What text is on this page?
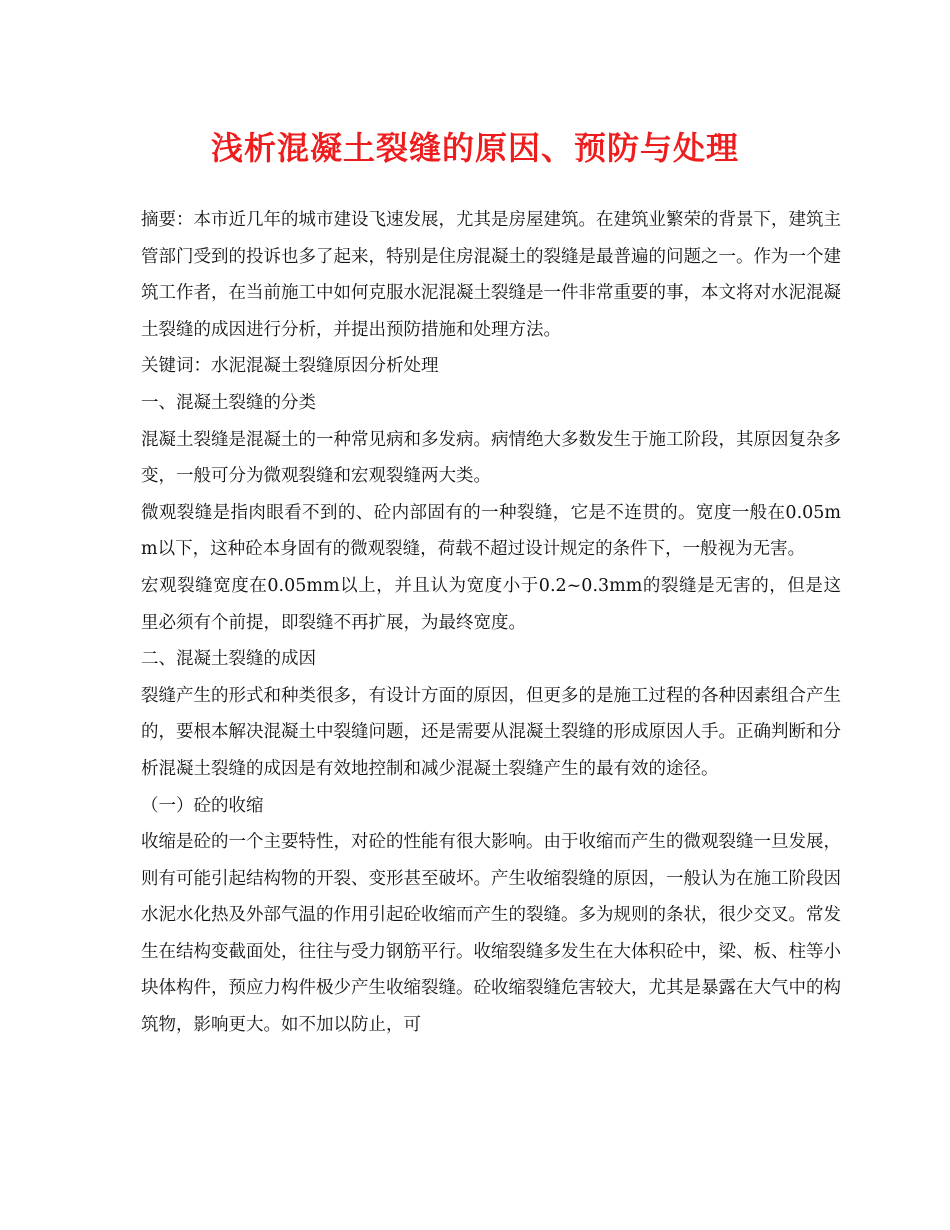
浅析混凝土裂缝的原因、预防与处理

摘要：本市近几年的城市建设飞速发展，尤其是房屋建筑。在建筑业繁荣的背景下，建筑主管部门受到的投诉也多了起来，特别是住房混凝土的裂缝是最普遍的问题之一。作为一个建筑工作者，在当前施工中如何克服水泥混凝土裂缝是一件非常重要的事，本文将对水泥混凝土裂缝的成因进行分析，并提出预防措施和处理方法。

关键词：水泥混凝土裂缝原因分析处理

一、混凝土裂缝的分类

混凝土裂缝是混凝土的一种常见病和多发病。病情绝大多数发生于施工阶段，其原因复杂多变，一般可分为微观裂缝和宏观裂缝两大类。

微观裂缝是指肉眼看不到的、砼内部固有的一种裂缝，它是不连贯的。宽度一般在0.05mm以下，这种砼本身固有的微观裂缝，荷载不超过设计规定的条件下，一般视为无害。

宏观裂缝宽度在0.05mm以上，并且认为宽度小于0.2~0.3mm的裂缝是无害的，但是这里必须有个前提，即裂缝不再扩展，为最终宽度。

二、混凝土裂缝的成因

裂缝产生的形式和种类很多，有设计方面的原因，但更多的是施工过程的各种因素组合产生的，要根本解决混凝土中裂缝问题，还是需要从混凝土裂缝的形成原因人手。正确判断和分析混凝土裂缝的成因是有效地控制和减少混凝土裂缝产生的最有效的途径。

（一）砼的收缩

收缩是砼的一个主要特性，对砼的性能有很大影响。由于收缩而产生的微观裂缝一旦发展，则有可能引起结构物的开裂、变形甚至破坏。产生收缩裂缝的原因，一般认为在施工阶段因水泥水化热及外部气温的作用引起砼收缩而产生的裂缝。多为规则的条状，很少交叉。常发生在结构变截面处，往往与受力钢筋平行。收缩裂缝多发生在大体积砼中，梁、板、柱等小块体构件，预应力构件极少产生收缩裂缝。砼收缩裂缝危害较大，尤其是暴露在大气中的构筑物，影响更大。如不加以防止，可
